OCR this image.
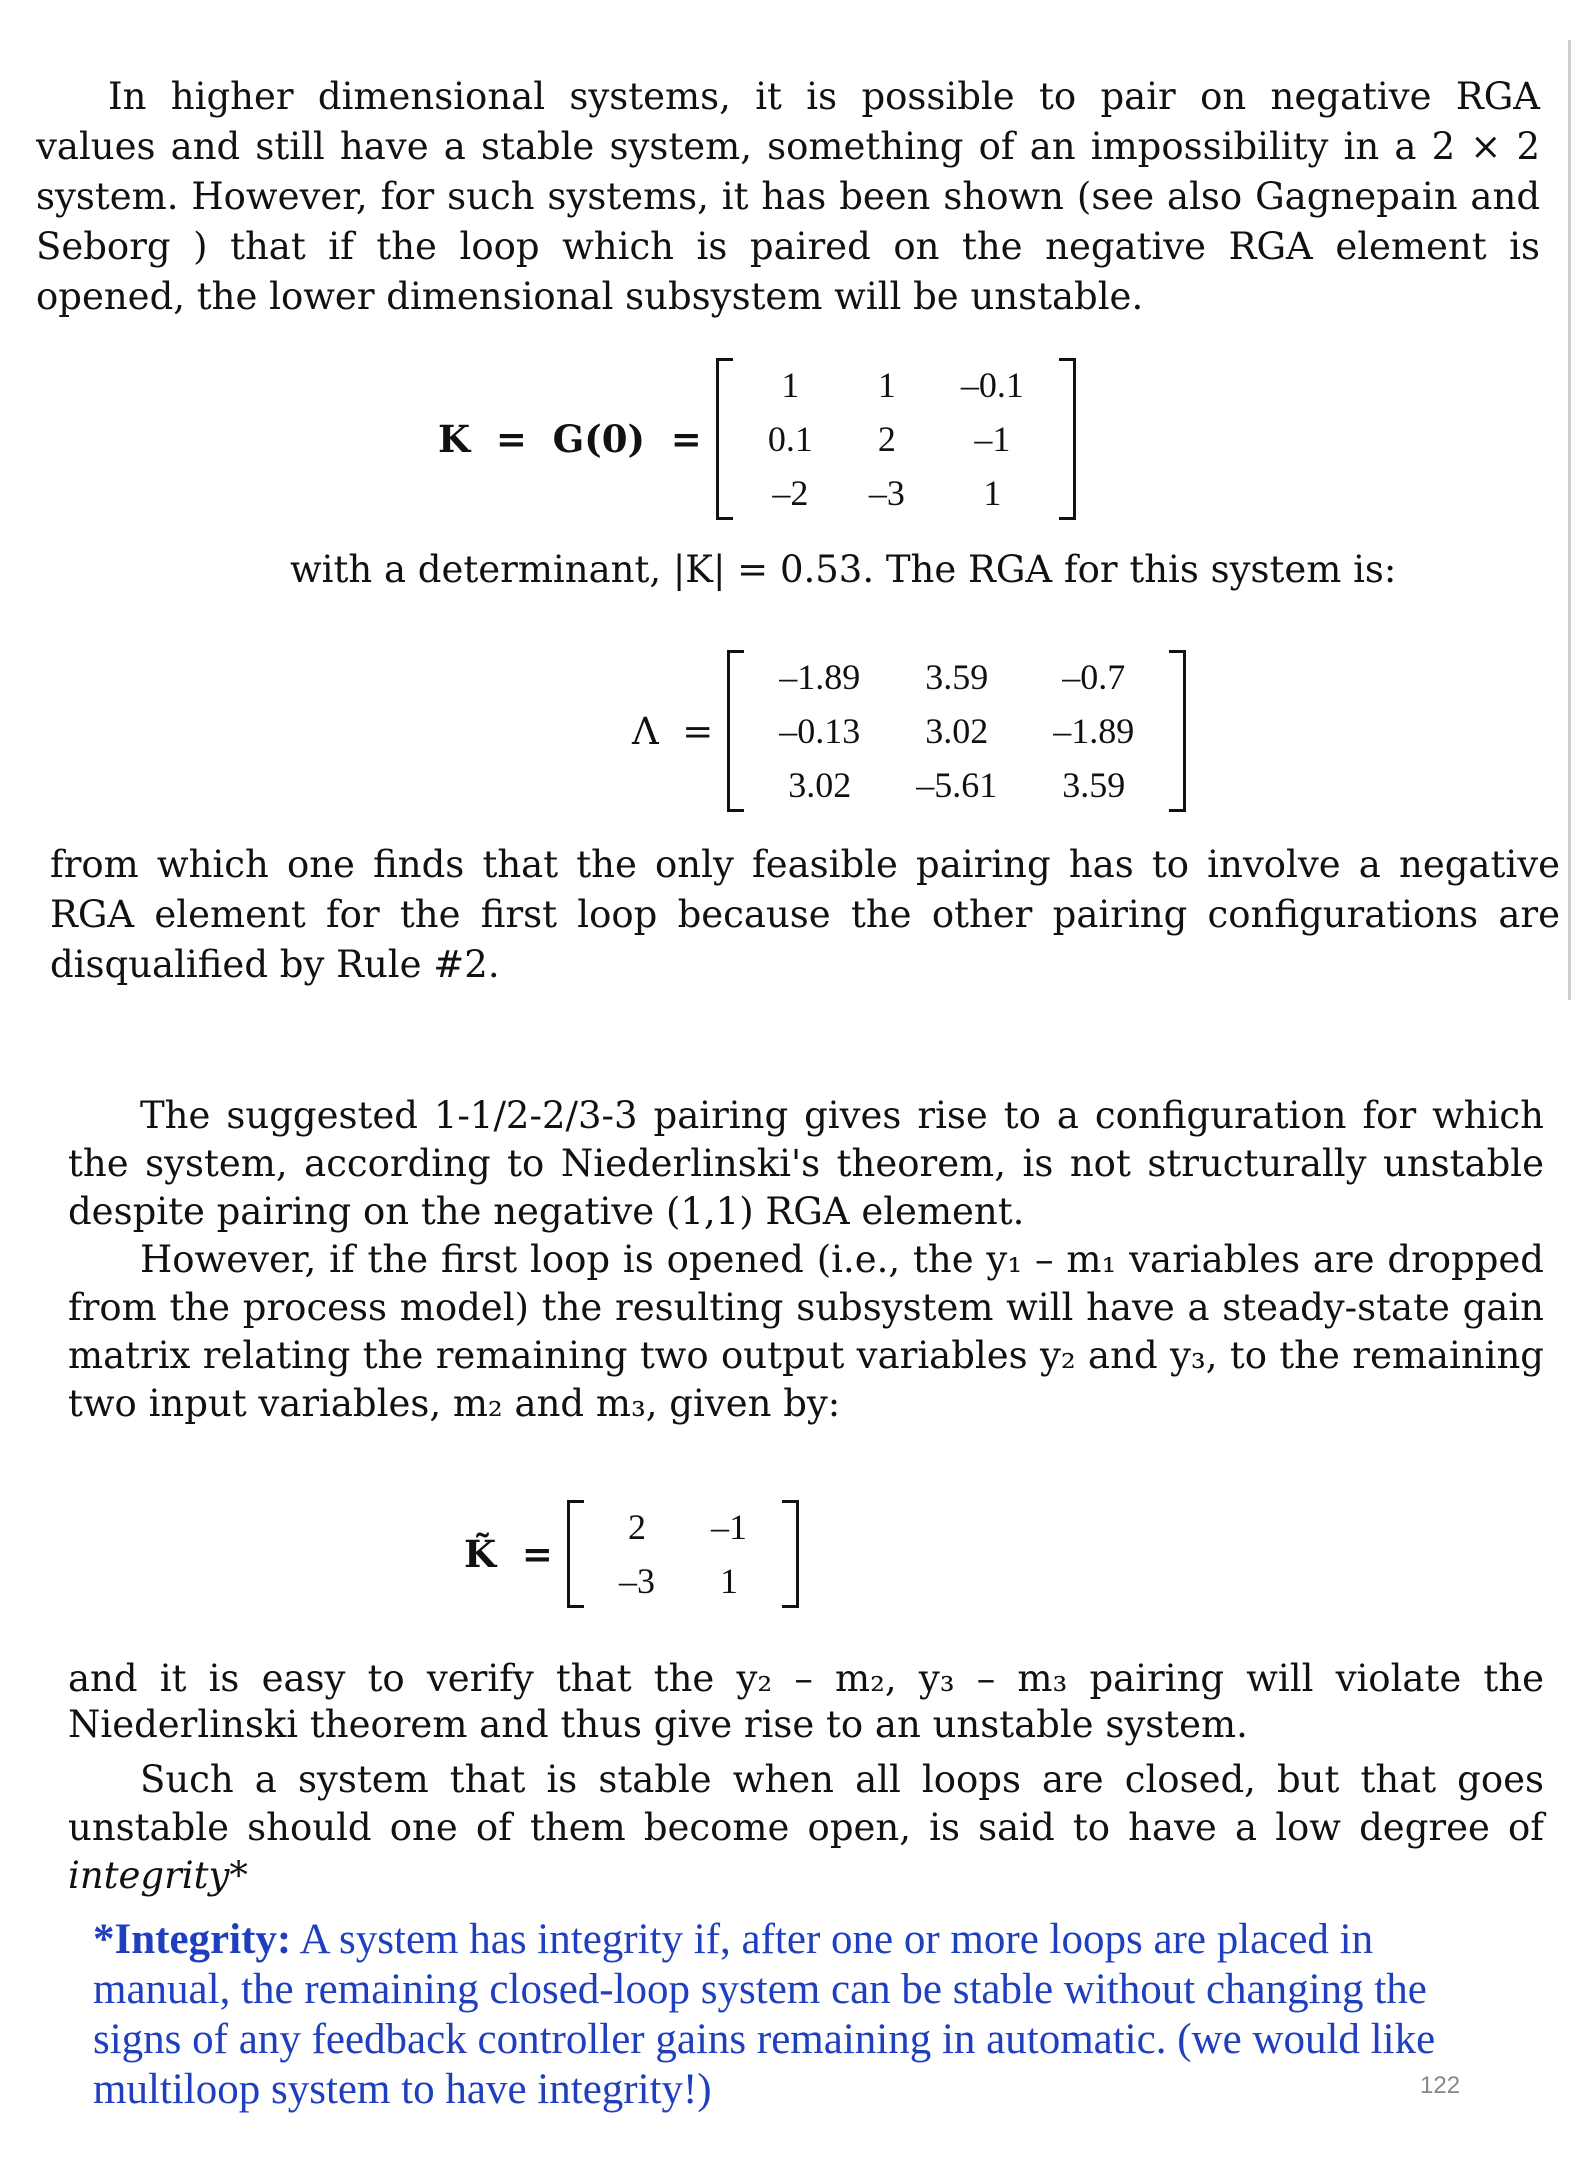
In higher dimensional systems, it is possible to pair on negative RGA
values and still have a stable system, something of an impossibility in a 2 × 2
system. However, for such systems, it has been shown (see also Gagnepain and
Seborg ) that if the loop which is paired on the negative RGA element is
opened, the lower dimensional subsystem will be unstable.
K  =  G(0)  =
1	1	–0.1
0.1	2	–1
–2	–3	1
with a determinant, |K| = 0.53. The RGA for this system is:
Λ  =
–1.89	3.59	–0.7
–0.13	3.02	–1.89
3.02	–5.61	3.59
from which one finds that the only feasible pairing has to involve a negative
RGA element for the first loop because the other pairing configurations are
disqualified by Rule #2.
The suggested 1-1/2-2/3-3 pairing gives rise to a configuration for which
the system, according to Niederlinski's theorem, is not structurally unstable
despite pairing on the negative (1,1) RGA element.
However, if the first loop is opened (i.e., the y₁ – m₁ variables are dropped
from the process model) the resulting subsystem will have a steady-state gain
matrix relating the remaining two output variables y₂ and y₃, to the remaining
two input variables, m₂ and m₃, given by:
K̃  =
2	–1
–3	1
and it is easy to verify that the y₂ – m₂, y₃ – m₃ pairing will violate the
Niederlinski theorem and thus give rise to an unstable system.
Such a system that is stable when all loops are closed, but that goes
unstable should one of them become open, is said to have a low degree of
integrity*
*Integrity: A system has integrity if, after one or more loops are placed in manual, the remaining closed-loop system can be stable without changing the signs of any feedback controller gains remaining in automatic. (we would like multiloop system to have integrity!)	122
